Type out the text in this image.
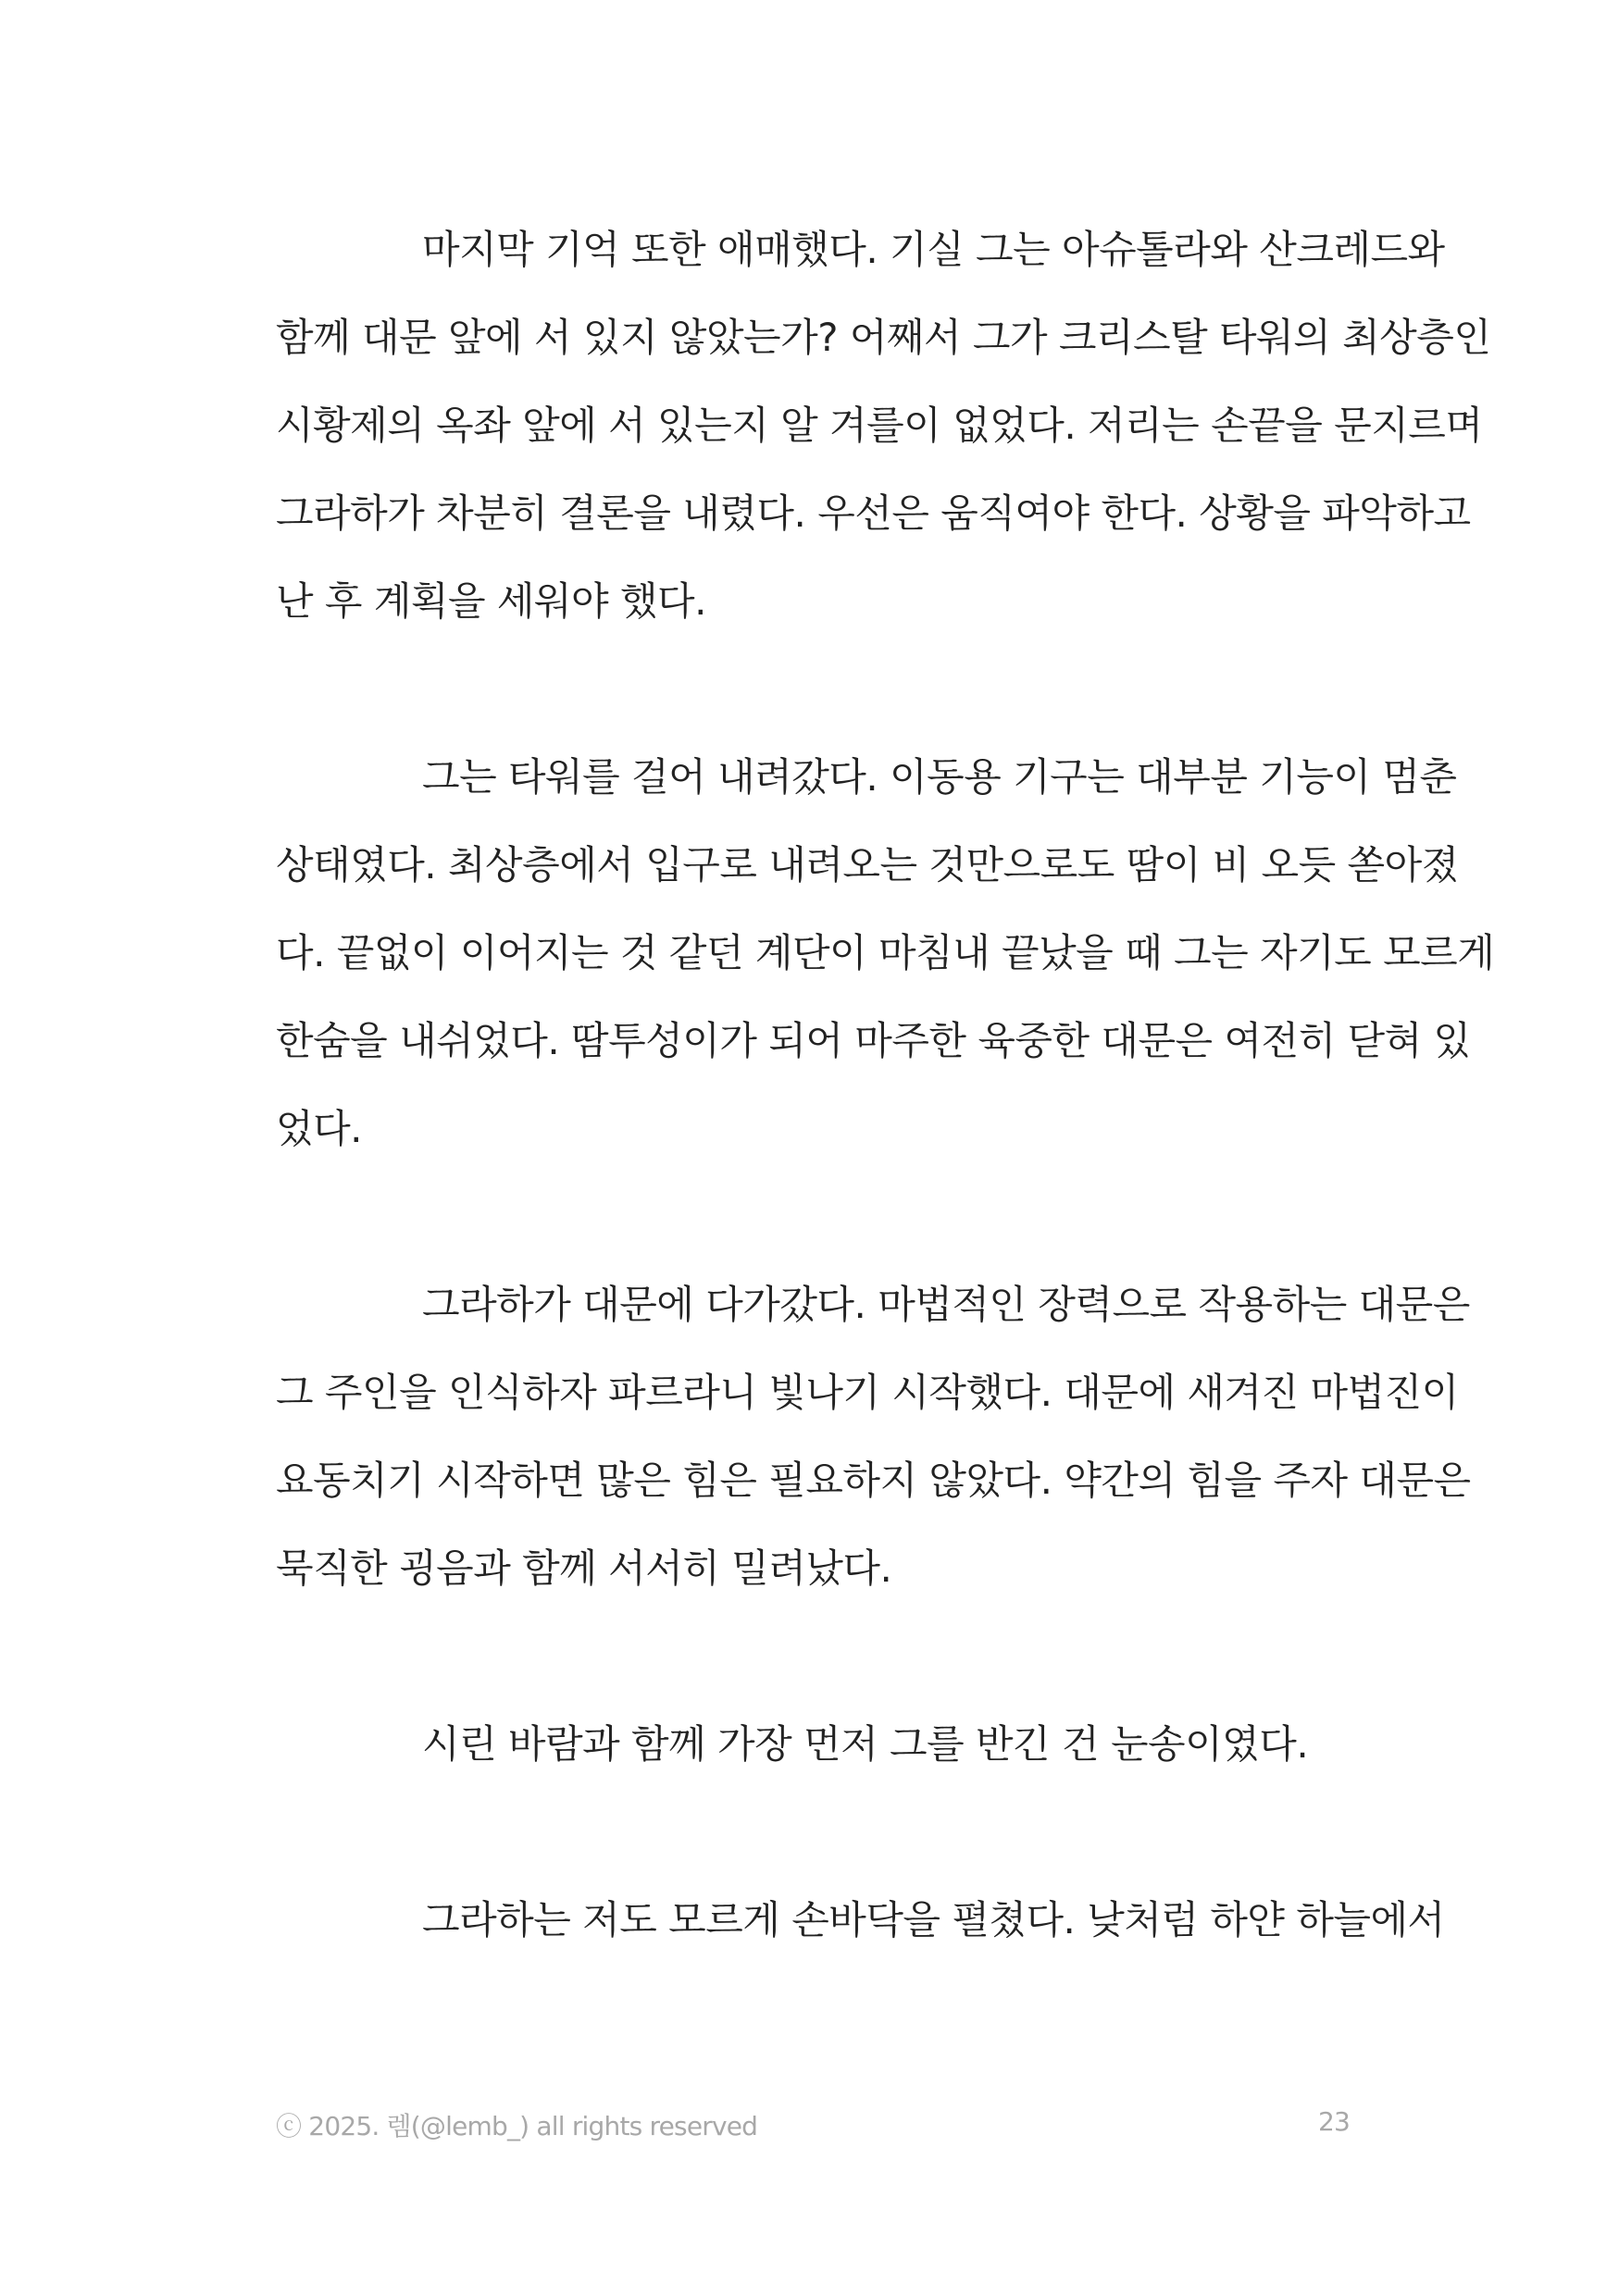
마지막 기억 또한 애매했다. 기실 그는 아슈톨라와 산크레드와
함께 대문 앞에 서 있지 않았는가? 어째서 그가 크리스탈 타워의 최상층인
시황제의 옥좌 앞에 서 있는지 알 겨를이 없었다. 저리는 손끝을 문지르며
그라하가 차분히 결론을 내렸다. 우선은 움직여야 한다. 상황을 파악하고
난 후 계획을 세워야 했다.
그는 타워를 걸어 내려갔다. 이동용 기구는 대부분 기능이 멈춘
상태였다. 최상층에서 입구로 내려오는 것만으로도 땀이 비 오듯 쏟아졌
다. 끝없이 이어지는 것 같던 계단이 마침내 끝났을 때 그는 자기도 모르게
한숨을 내쉬었다. 땀투성이가 되어 마주한 육중한 대문은 여전히 닫혀 있
었다.
그라하가 대문에 다가갔다. 마법적인 장력으로 작용하는 대문은
그 주인을 인식하자 파르라니 빛나기 시작했다. 대문에 새겨진 마법진이
요동치기 시작하면 많은 힘은 필요하지 않았다. 약간의 힘을 주자 대문은
묵직한 굉음과 함께 서서히 밀려났다.
시린 바람과 함께 가장 먼저 그를 반긴 건 눈송이였다.
그라하는 저도 모르게 손바닥을 펼쳤다. 낮처럼 하얀 하늘에서
ⓒ 2025. 렘(@lemb_) all rights reserved	23
